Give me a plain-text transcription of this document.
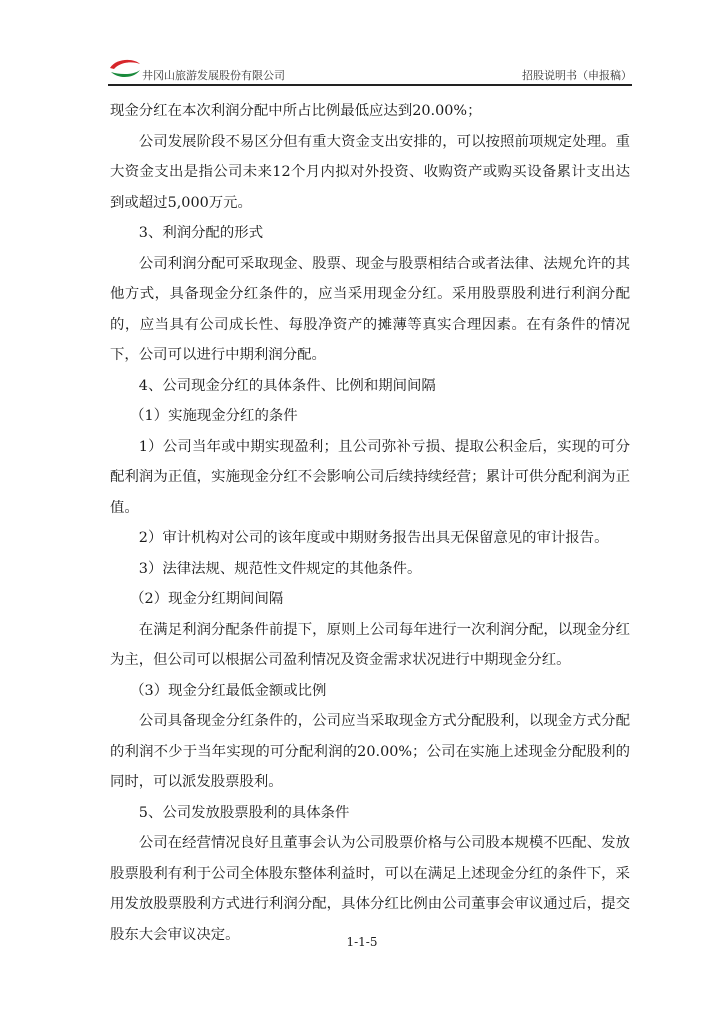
井冈山旅游发展股份有限公司	招股说明书（申报稿）

现金分红在本次利润分配中所占比例最低应达到20.00%；

公司发展阶段不易区分但有重大资金支出安排的，可以按照前项规定处理。重大资金支出是指公司未来12个月内拟对外投资、收购资产或购买设备累计支出达到或超过5,000万元。

3、利润分配的形式

公司利润分配可采取现金、股票、现金与股票相结合或者法律、法规允许的其他方式，具备现金分红条件的，应当采用现金分红。采用股票股利进行利润分配的，应当具有公司成长性、每股净资产的摊薄等真实合理因素。在有条件的情况下，公司可以进行中期利润分配。

4、公司现金分红的具体条件、比例和期间间隔

（1）实施现金分红的条件

1）公司当年或中期实现盈利；且公司弥补亏损、提取公积金后，实现的可分配利润为正值，实施现金分红不会影响公司后续持续经营；累计可供分配利润为正值。

2）审计机构对公司的该年度或中期财务报告出具无保留意见的审计报告。

3）法律法规、规范性文件规定的其他条件。

（2）现金分红期间间隔

在满足利润分配条件前提下，原则上公司每年进行一次利润分配，以现金分红为主，但公司可以根据公司盈利情况及资金需求状况进行中期现金分红。

（3）现金分红最低金额或比例

公司具备现金分红条件的，公司应当采取现金方式分配股利，以现金方式分配的利润不少于当年实现的可分配利润的20.00%；公司在实施上述现金分配股利的同时，可以派发股票股利。

5、公司发放股票股利的具体条件

公司在经营情况良好且董事会认为公司股票价格与公司股本规模不匹配、发放股票股利有利于公司全体股东整体利益时，可以在满足上述现金分红的条件下，采用发放股票股利方式进行利润分配，具体分红比例由公司董事会审议通过后，提交股东大会审议决定。	1-1-5
